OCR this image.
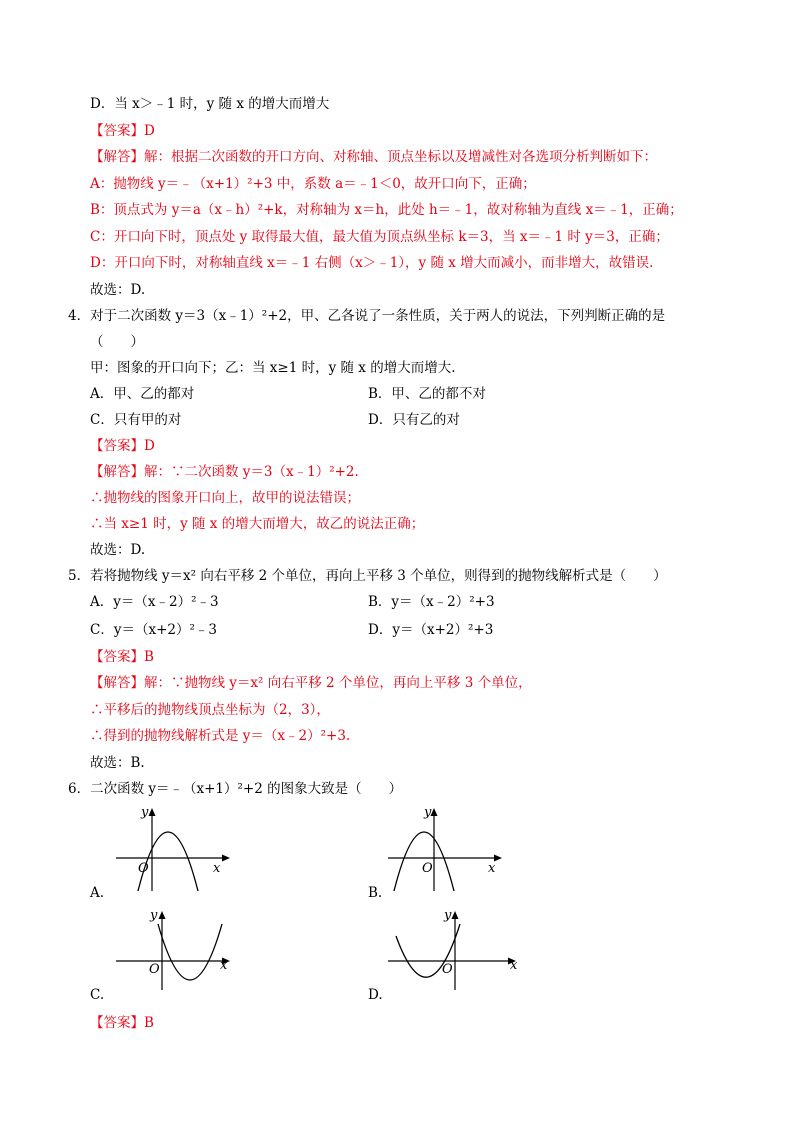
D．当 x＞﹣1 时，y 随 x 的增大而增大
【答案】D
【解答】解：根据二次函数的开口方向、对称轴、顶点坐标以及增减性对各选项分析判断如下：
A：抛物线 y＝﹣（x+1）²+3 中，系数 a＝﹣1＜0，故开口向下，正确；
B：顶点式为 y＝a（x﹣h）²+k，对称轴为 x＝h，此处 h＝﹣1，故对称轴为直线 x＝﹣1，正确；
C：开口向下时，顶点处 y 取得最大值，最大值为顶点纵坐标 k＝3，当 x＝﹣1 时 y＝3，正确；
D：开口向下时，对称轴直线 x＝﹣1 右侧（x＞﹣1），y 随 x 增大而减小，而非增大，故错误.
故选：D.
4．对于二次函数 y＝3（x﹣1）²+2，甲、乙各说了一条性质，关于两人的说法，下列判断正确的是
（　　）
甲：图象的开口向下；乙：当 x≥1 时，y 随 x 的增大而增大.
A．甲、乙的都对	B．甲、乙的都不对
C．只有甲的对	D．只有乙的对
【答案】D
【解答】解：∵二次函数 y＝3（x﹣1）²+2.
∴抛物线的图象开口向上，故甲的说法错误；
∴当 x≥1 时，y 随 x 的增大而增大，故乙的说法正确；
故选：D.
5．若将抛物线 y＝x² 向右平移 2 个单位，再向上平移 3 个单位，则得到的抛物线解析式是（　　）
A．y＝（x﹣2）²﹣3	B．y＝（x﹣2）²+3
C．y＝（x+2）²﹣3	D．y＝（x+2）²+3
【答案】B
【解答】解：∵抛物线 y＝x² 向右平移 2 个单位，再向上平移 3 个单位，
∴平移后的抛物线顶点坐标为（2，3），
∴得到的抛物线解析式是 y＝（x﹣2）²+3.
故选：B.
6．二次函数 y＝﹣（x+1）²+2 的图象大致是（　　）
y
x
O
A.
y
x
O
B.
y
x
O
C.
y
x
O
D.
【答案】B
